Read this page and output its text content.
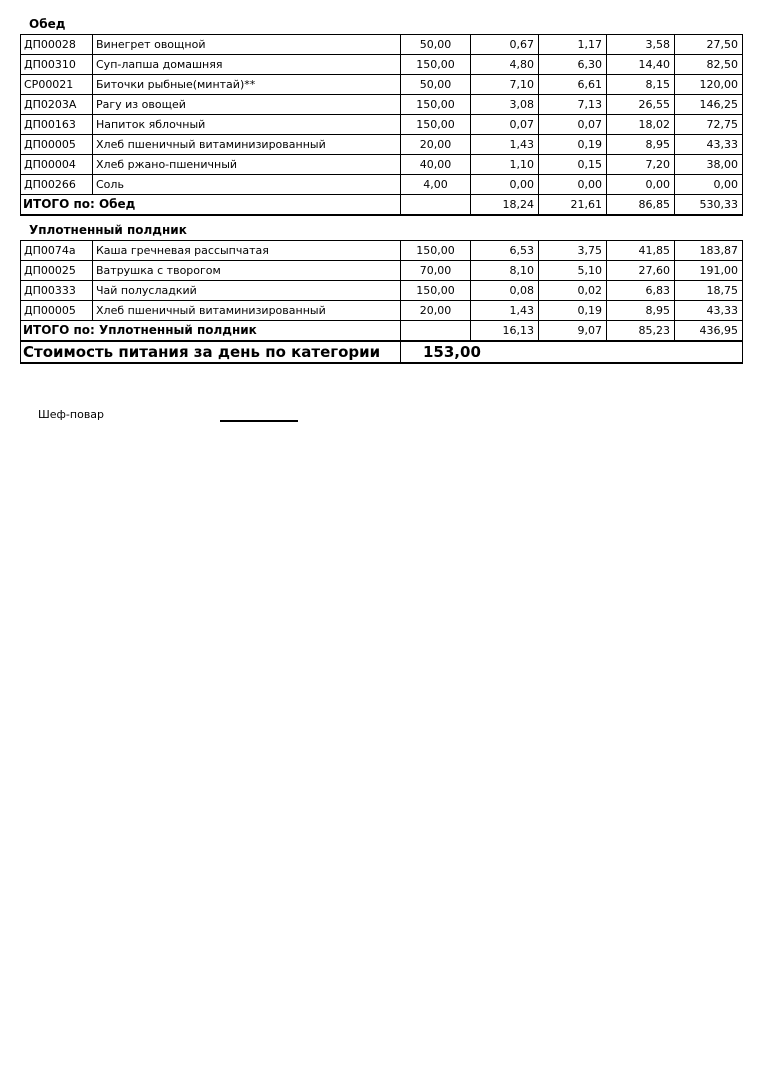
Обед
ДП00028	Винегрет овощной	50,00	0,67	1,17	3,58	27,50
ДП00310	Суп-лапша домашняя	150,00	4,80	6,30	14,40	82,50
СР00021	Биточки рыбные(минтай)**	50,00	7,10	6,61	8,15	120,00
ДП0203А	Рагу из овощей	150,00	3,08	7,13	26,55	146,25
ДП00163	Напиток яблочный	150,00	0,07	0,07	18,02	72,75
ДП00005	Хлеб пшеничный витаминизированный	20,00	1,43	0,19	8,95	43,33
ДП00004	Хлеб ржано-пшеничный	40,00	1,10	0,15	7,20	38,00
ДП00266	Соль	4,00	0,00	0,00	0,00	0,00
ИТОГО по: Обед			18,24	21,61	86,85	530,33
Уплотненный полдник
ДП0074а	Каша гречневая рассыпчатая	150,00	6,53	3,75	41,85	183,87
ДП00025	Ватрушка с творогом	70,00	8,10	5,10	27,60	191,00
ДП00333	Чай полусладкий	150,00	0,08	0,02	6,83	18,75
ДП00005	Хлеб пшеничный витаминизированный	20,00	1,43	0,19	8,95	43,33
ИТОГО по: Уплотненный полдник			16,13	9,07	85,23	436,95
Стоимость питания за день по категории		153,00				
Шеф-повар
